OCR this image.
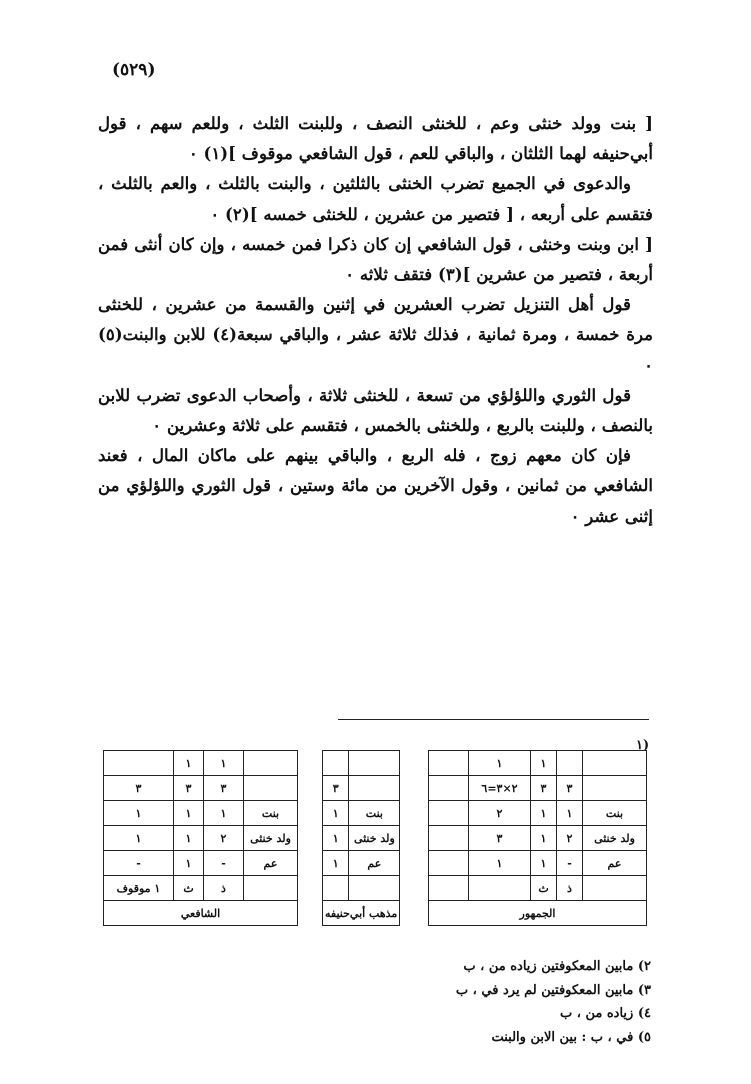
(٥٢٩)

[ بنت وولد خنثى وعم ، للخنثى النصف ، وللبنت الثلث ، وللعم سهم ، قول أبي‌حنيفه لهما الثلثان ، والباقي للعم ، قول الشافعي موقوف ](١) ٠

والدعوى في الجميع تضرب الخنثى بالثلثين ، والبنت بالثلث ، والعم بالثلث ، فتقسم على أربعه ، [ فتصير من عشرين ، للخنثى خمسه ](٢) ٠

[ ابن وبنت وخنثى ، قول الشافعي إن كان ذكرا فمن خمسه ، وإن كان أنثى فمن أربعة ، فتصير من عشرين ](٣) فتقف ثلاثه ٠

قول أهل التنزيل تضرب العشرين في إثنين والقسمة من عشرين ، للخنثى مرة خمسة ، ومرة ثمانية ، فذلك ثلاثة عشر ، والباقي سبعة(٤) للابن والبنت(٥) ٠

قول الثوري واللؤلؤي من تسعة ، للخنثى ثلاثة ، وأصحاب الدعوى تضرب للابن بالنصف ، وللبنت بالربع ، وللخنثى بالخمس ، فتقسم على ثلاثة وعشرين ٠

فإن كان معهم زوج ، فله الربع ، والباقي بينهم على ماكان المال ، فعند الشافعي من ثمانين ، وقول الآخرين من مائة وستين ، قول الثوري واللؤلؤي من إثنى عشر ٠

١)
		١	١	
	٣	٣	٢×٣=٦	
بنت	١	١	٢	
ولد خنثى	٢	١	٣	
عم	-	١	١	
	ذ	ث		
الجمهور				

	٣
بنت	١
ولد خنثى	١
عم	١

مذهب أبي‌حنيفه	
	١	١	
	٣	٣	٣
بنت	١	١	١
ولد خنثى	٢	١	١
عم	-	١	-
	ذ	ث	١ موقوف
الشافعي			
٢) مابين المعكوفتين زياده من ، ب
٣) مابين المعكوفتين لم يرد في ، ب
٤) زياده من ، ب
٥) في ، ب : بين الابن والبنت
